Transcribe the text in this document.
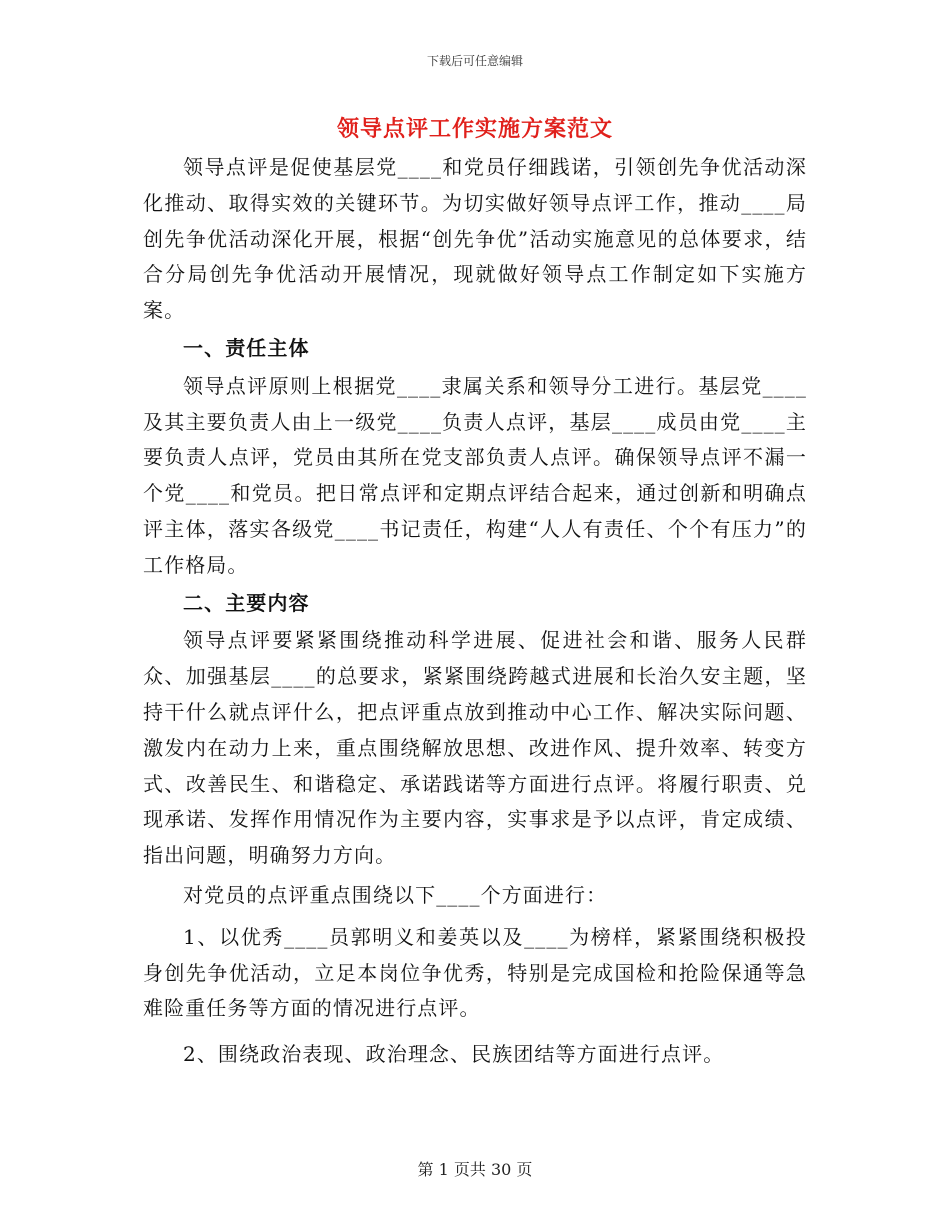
下载后可任意编辑
领导点评工作实施方案范文

领导点评是促使基层党____和党员仔细践诺，引领创先争优活动深化推动、取得实效的关键环节。为切实做好领导点评工作，推动____局创先争优活动深化开展，根据“创先争优”活动实施意见的总体要求，结合分局创先争优活动开展情况，现就做好领导点工作制定如下实施方案。

一、责任主体

领导点评原则上根据党____隶属关系和领导分工进行。基层党____及其主要负责人由上一级党____负责人点评，基层____成员由党____主要负责人点评，党员由其所在党支部负责人点评。确保领导点评不漏一个党____和党员。把日常点评和定期点评结合起来，通过创新和明确点评主体，落实各级党____书记责任，构建“人人有责任、个个有压力”的工作格局。

二、主要内容

领导点评要紧紧围绕推动科学进展、促进社会和谐、服务人民群众、加强基层____的总要求，紧紧围绕跨越式进展和长治久安主题，坚持干什么就点评什么，把点评重点放到推动中心工作、解决实际问题、激发内在动力上来，重点围绕解放思想、改进作风、提升效率、转变方式、改善民生、和谐稳定、承诺践诺等方面进行点评。将履行职责、兑现承诺、发挥作用情况作为主要内容，实事求是予以点评，肯定成绩、指出问题，明确努力方向。

对党员的点评重点围绕以下____个方面进行：

1、以优秀____员郭明义和姜英以及____为榜样，紧紧围绕积极投身创先争优活动，立足本岗位争优秀，特别是完成国检和抢险保通等急难险重任务等方面的情况进行点评。

2、围绕政治表现、政治理念、民族团结等方面进行点评。

第 1 页共 30 页
